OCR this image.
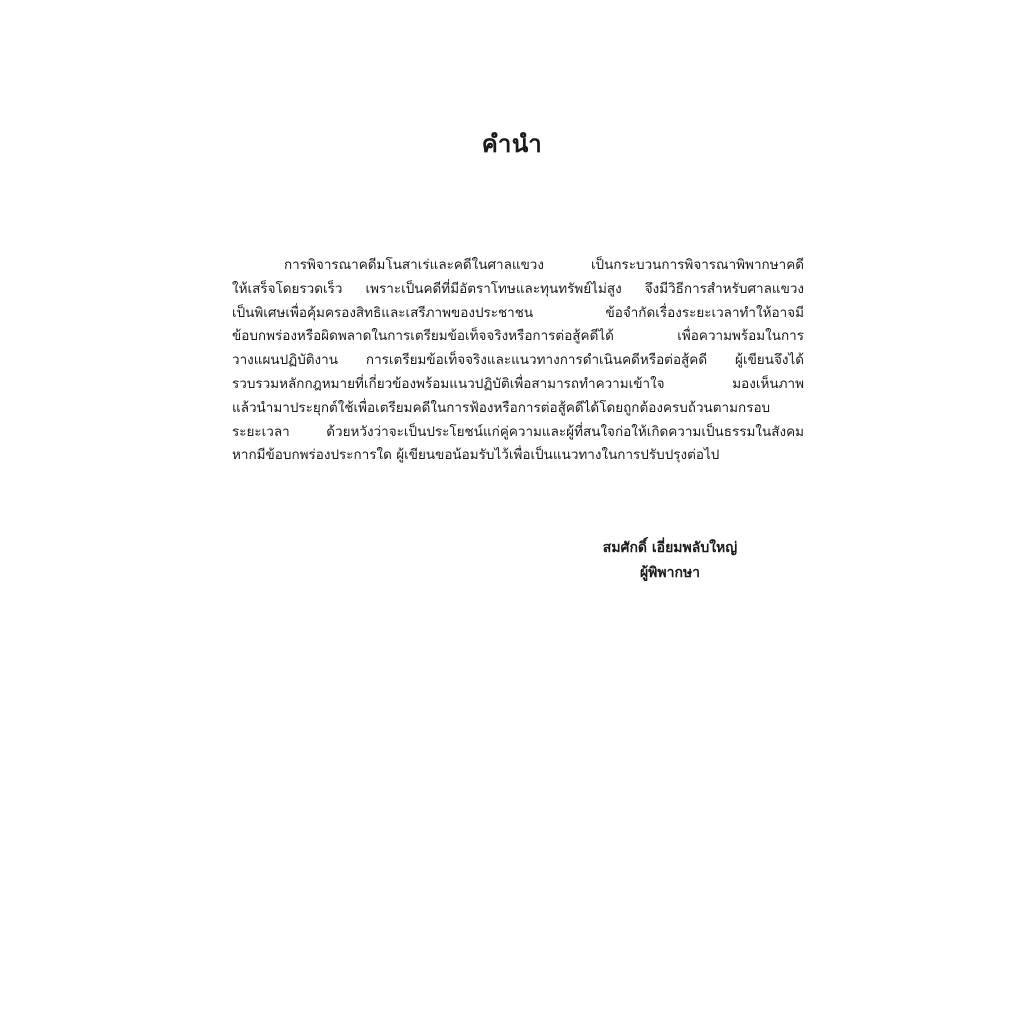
คำนำ
การพิจารณาคดีมโนสาเร่และคดีในศาลแขวง เป็นกระบวนการพิจารณาพิพากษาคดี
ให้เสร็จโดยรวดเร็ว เพราะเป็นคดีที่มีอัตราโทษและทุนทรัพย์ไม่สูง จึงมีวิธีการสำหรับศาลแขวง
เป็นพิเศษเพื่อคุ้มครองสิทธิและเสรีภาพของประชาชน ข้อจำกัดเรื่องระยะเวลาทำให้อาจมี
ข้อบกพร่องหรือผิดพลาดในการเตรียมข้อเท็จจริงหรือการต่อสู้คดีได้ เพื่อความพร้อมในการ
วางแผนปฏิบัติงาน การเตรียมข้อเท็จจริงและแนวทางการดำเนินคดีหรือต่อสู้คดี ผู้เขียนจึงได้
รวบรวมหลักกฎหมายที่เกี่ยวข้องพร้อมแนวปฏิบัติเพื่อสามารถทำความเข้าใจ มองเห็นภาพ
แล้วนำมาประยุกต์ใช้เพื่อเตรียมคดีในการฟ้องหรือการต่อสู้คดีได้โดยถูกต้องครบถ้วนตามกรอบ
ระยะเวลา ด้วยหวังว่าจะเป็นประโยชน์แก่คู่ความและผู้ที่สนใจก่อให้เกิดความเป็นธรรมในสังคม
หากมีข้อบกพร่องประการใด ผู้เขียนขอน้อมรับไว้เพื่อเป็นแนวทางในการปรับปรุงต่อไป
สมศักดิ์ เอี่ยมพลับใหญ่
ผู้พิพากษา
